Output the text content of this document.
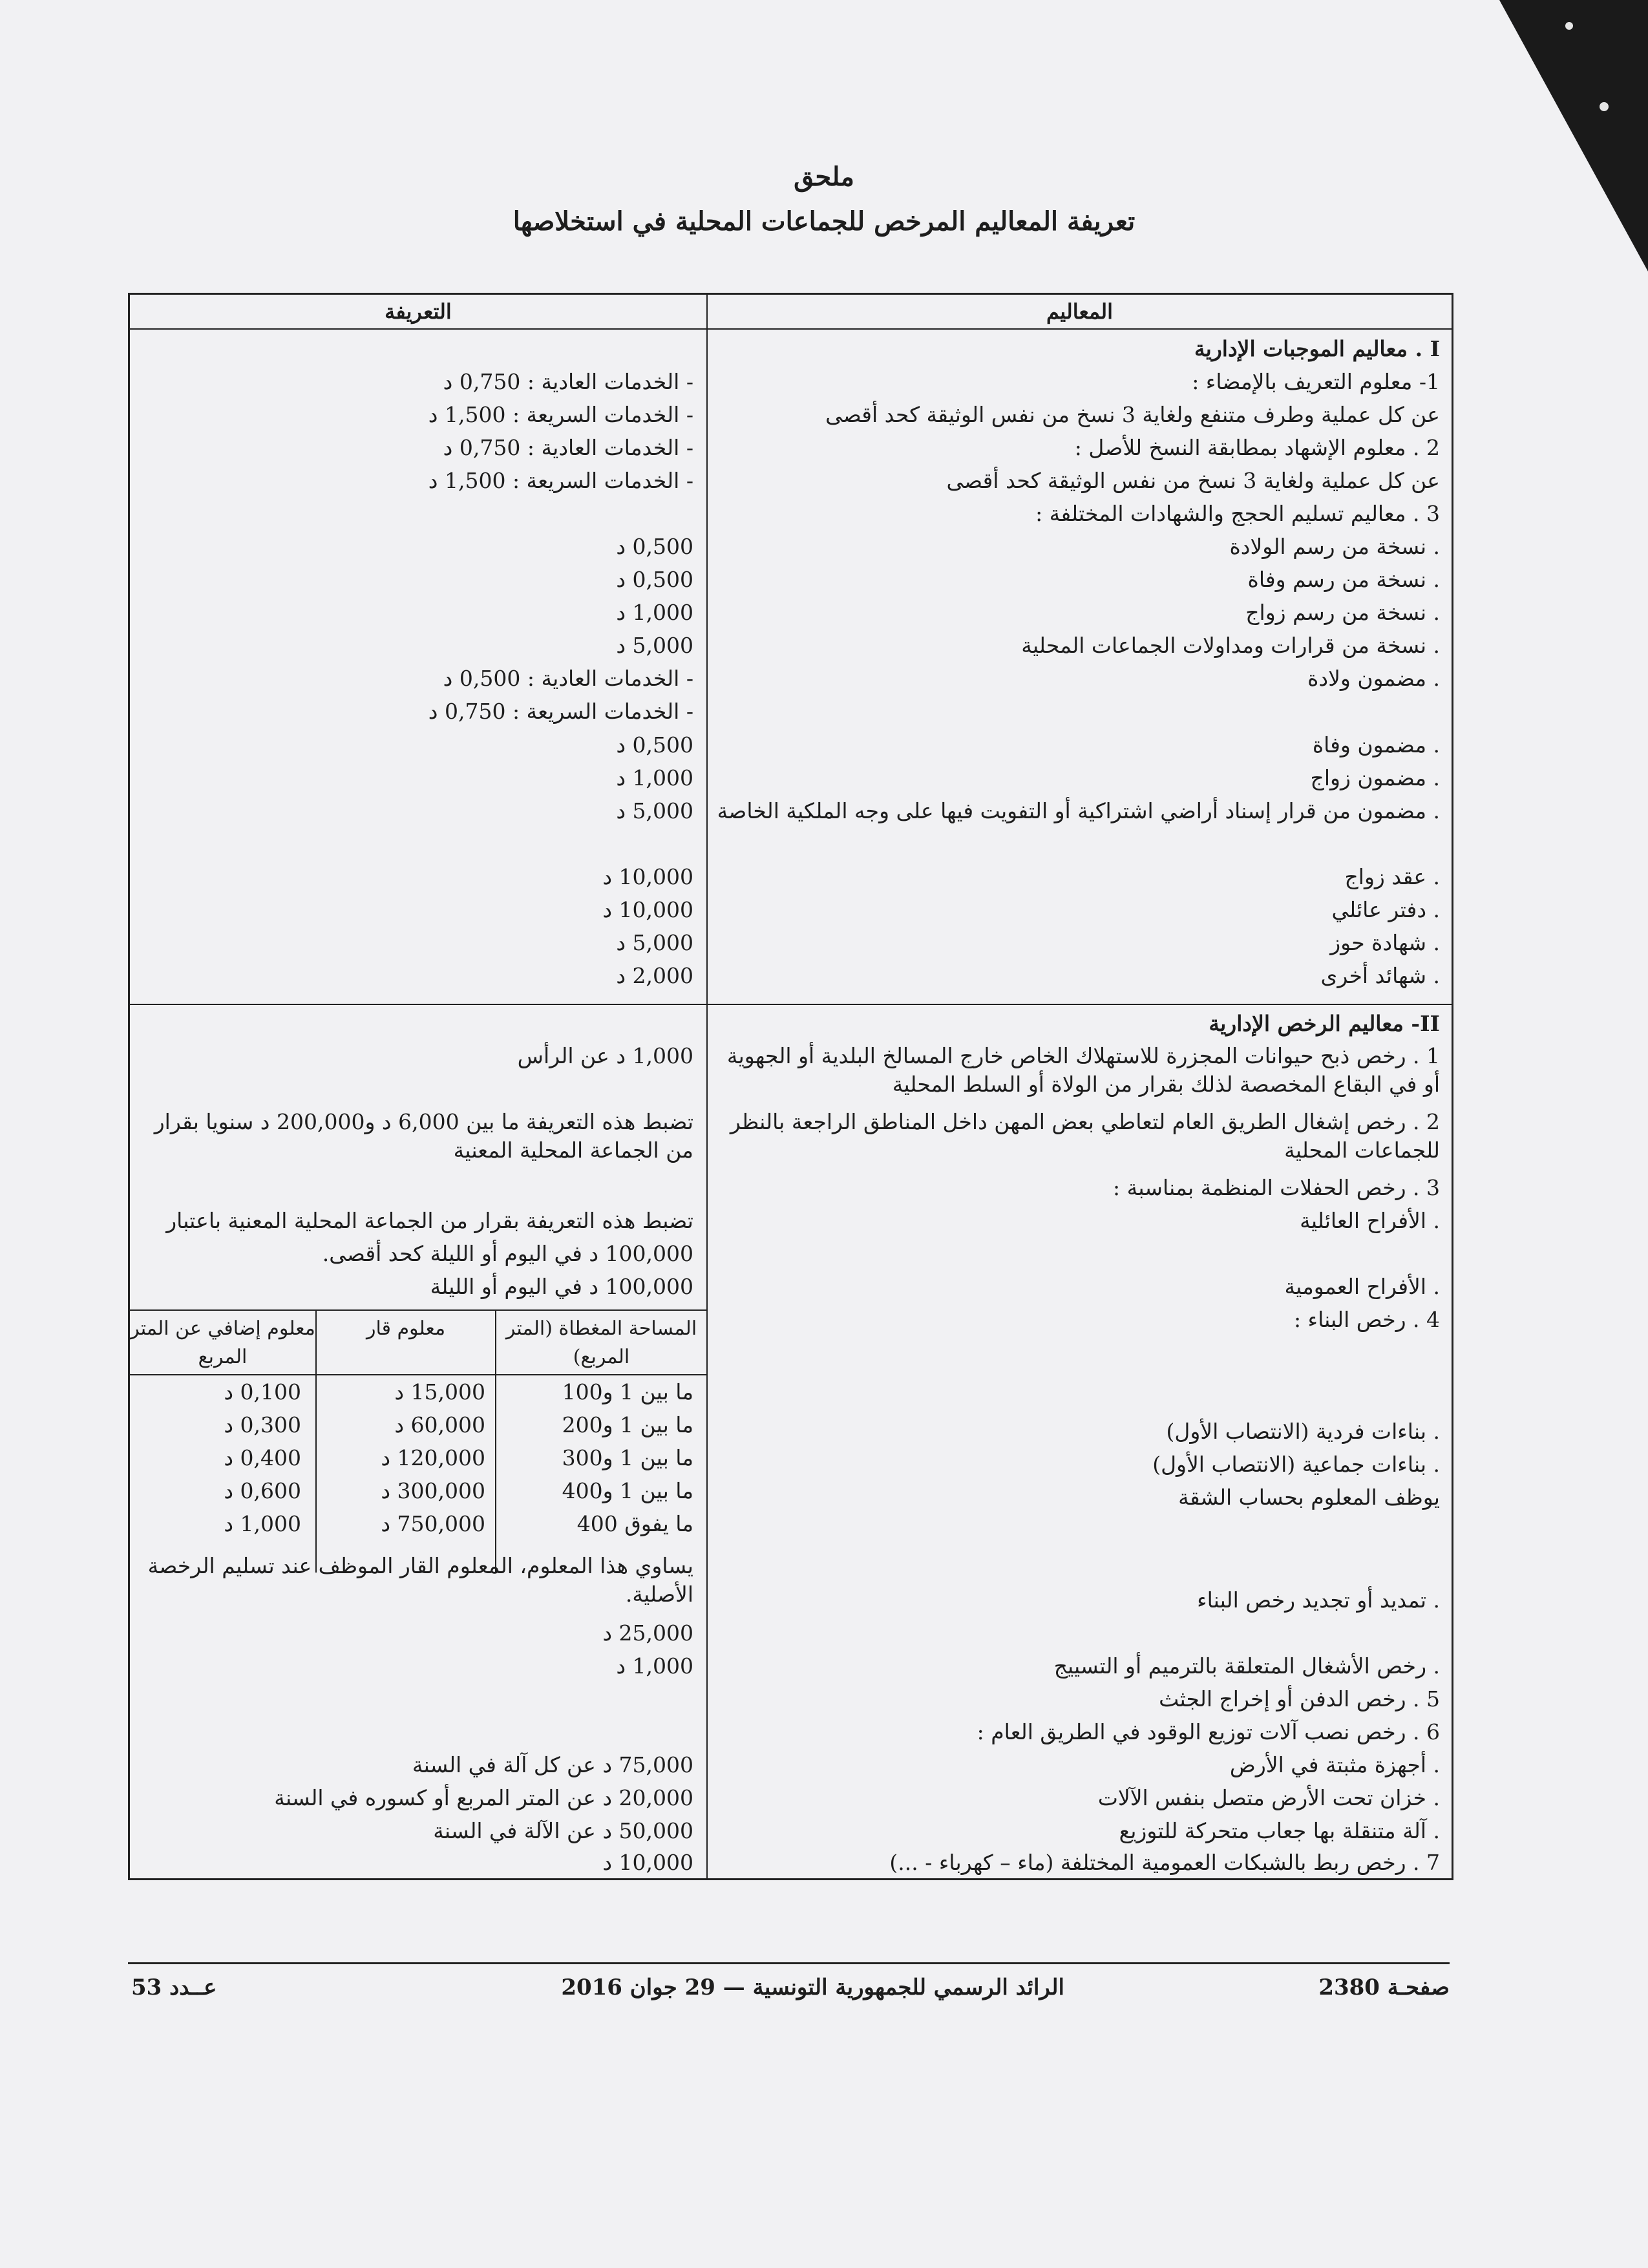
ملحق
تعريفة المعاليم المرخص للجماعات المحلية في استخلاصها
المعاليم
التعريفة
I . معاليم الموجبات الإدارية
1- معلوم التعريف بالإمضاء :
عن كل عملية وطرف متنفع ولغاية 3 نسخ من نفس الوثيقة كحد أقصى
2 . معلوم الإشهاد بمطابقة النسخ للأصل :
عن كل عملية ولغاية 3 نسخ من نفس الوثيقة كحد أقصى
3 . معاليم تسليم الحجج والشهادات المختلفة :
. نسخة من رسم الولادة
. نسخة من رسم وفاة
. نسخة من رسم زواج
. نسخة من قرارات ومداولات الجماعات المحلية
. مضمون ولادة
. مضمون وفاة
. مضمون زواج
. مضمون من قرار إسناد أراضي اشتراكية أو التفويت فيها على وجه الملكية الخاصة
. عقد زواج
. دفتر عائلي
. شهادة حوز
. شهائد أخرى
- الخدمات العادية : 0,750 د
- الخدمات السريعة : 1,500 د
- الخدمات العادية : 0,750 د
- الخدمات السريعة : 1,500 د
0,500 د
0,500 د
1,000 د
5,000 د
- الخدمات العادية : 0,500 د
- الخدمات السريعة : 0,750 د
0,500 د
1,000 د
5,000 د
10,000 د
10,000 د
5,000 د
2,000 د
II- معاليم الرخص الإدارية
1 . رخص ذبح حيوانات المجزرة للاستهلاك الخاص خارج المسالخ البلدية أو الجهوية أو في البقاع المخصصة لذلك بقرار من الولاة أو السلط المحلية
2 . رخص إشغال الطريق العام لتعاطي بعض المهن داخل المناطق الراجعة بالنظر للجماعات المحلية
3 . رخص الحفلات المنظمة بمناسبة :
. الأفراح العائلية
. الأفراح العمومية
4 . رخص البناء :
. بناءات فردية (الانتصاب الأول)
. بناءات جماعية (الانتصاب الأول)
يوظف المعلوم بحساب الشقة
. تمديد أو تجديد رخص البناء
. رخص الأشغال المتعلقة بالترميم أو التسييج
5 . رخص الدفن أو إخراج الجثث
6 . رخص نصب آلات توزيع الوقود في الطريق العام :
. أجهزة مثبتة في الأرض
. خزان تحت الأرض متصل بنفس الآلات
. آلة متنقلة بها جعاب متحركة للتوزيع
7 . رخص ربط بالشبكات العمومية المختلفة (ماء – كهرباء - ...)
1,000 د عن الرأس
تضبط هذه التعريفة ما بين 6,000 د و200,000 د سنويا بقرار من الجماعة المحلية المعنية
تضبط هذه التعريفة بقرار من الجماعة المحلية المعنية باعتبار
100,000 د في اليوم أو الليلة كحد أقصى.
100,000 د في اليوم أو الليلة
المساحة المغطاة (المتر المربع)
معلوم قار
معلوم إضافي عن المتر المربع
ما بين 1 و100
15,000 د
0,100 د
ما بين 1 و200
60,000 د
0,300 د
ما بين 1 و300
120,000 د
0,400 د
ما بين 1 و400
300,000 د
0,600 د
ما يفوق 400
750,000 د
1,000 د
يساوي هذا المعلوم، المعلوم القار الموظف عند تسليم الرخصة الأصلية.
25,000 د
1,000 د
75,000 د عن كل آلة في السنة
20,000 د عن المتر المربع أو كسوره في السنة
50,000 د عن الآلة في السنة
10,000 د
صفحـة 2380
الرائد الرسمي للجمهورية التونسية — 29 جوان 2016
عــدد 53
